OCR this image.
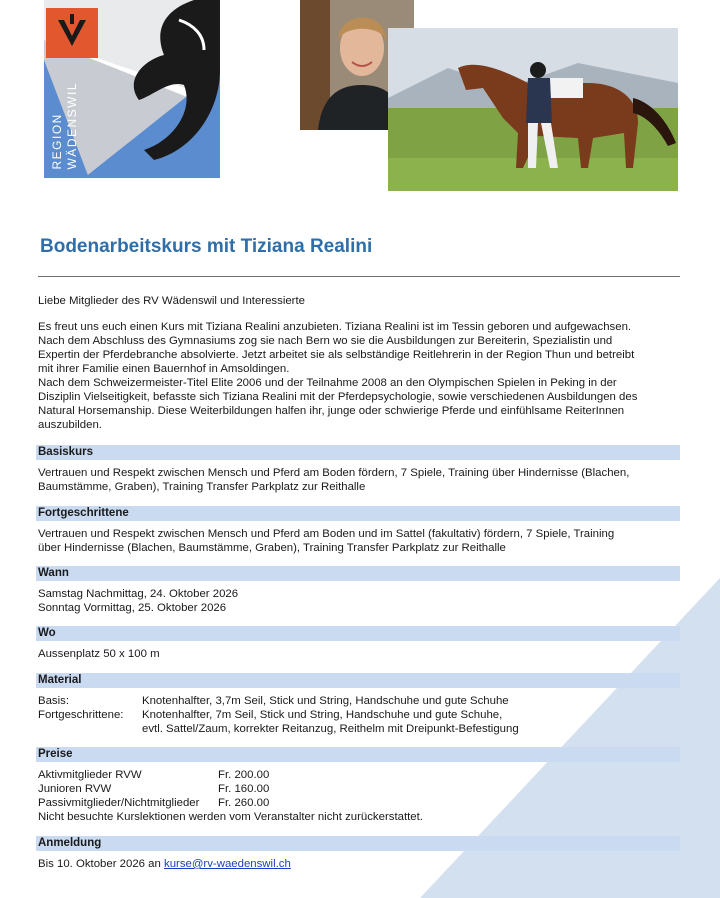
REGION WÄDENSWIL
Bodenarbeitskurs mit Tiziana Realini
Liebe Mitglieder des RV Wädenswil und Interessierte
Es freut uns euch einen Kurs mit Tiziana Realini anzubieten. Tiziana Realini ist im Tessin geboren und aufgewachsen.
Nach dem Abschluss des Gymnasiums zog sie nach Bern wo sie die Ausbildungen zur Bereiterin, Spezialistin und
Expertin der Pferdebranche absolvierte. Jetzt arbeitet sie als selbständige Reitlehrerin in der Region Thun und betreibt
mit ihrer Familie einen Bauernhof in Amsoldingen.
Nach dem Schweizermeister-Titel Elite 2006 und der Teilnahme 2008 an den Olympischen Spielen in Peking in der
Disziplin Vielseitigkeit, befasste sich Tiziana Realini mit der Pferdepsychologie, sowie verschiedenen Ausbildungen des
Natural Horsemanship. Diese Weiterbildungen halfen ihr, junge oder schwierige Pferde und einfühlsame ReiterInnen
auszubilden.
Basiskurs
Vertrauen und Respekt zwischen Mensch und Pferd am Boden fördern, 7 Spiele, Training über Hindernisse (Blachen,
Baumstämme, Graben), Training Transfer Parkplatz zur Reithalle
Fortgeschrittene
Vertrauen und Respekt zwischen Mensch und Pferd am Boden und im Sattel (fakultativ) fördern, 7 Spiele, Training
über Hindernisse (Blachen, Baumstämme, Graben), Training Transfer Parkplatz zur Reithalle
Wann
Samstag Nachmittag, 24. Oktober 2026
Sonntag Vormittag, 25. Oktober 2026
Wo
Aussenplatz 50 x 100 m
Material
Basis:	Knotenhalfter, 3,7m Seil, Stick und String, Handschuhe und gute Schuhe
Fortgeschrittene:	Knotenhalfter, 7m Seil, Stick und String, Handschuhe und gute Schuhe,
evtl. Sattel/Zaum, korrekter Reitanzug, Reithelm mit Dreipunkt-Befestigung
Preise
Aktivmitglieder RVW	Fr. 200.00
Junioren RVW	Fr. 160.00
Passivmitglieder/Nichtmitglieder	Fr. 260.00
Nicht besuchte Kurslektionen werden vom Veranstalter nicht zurückerstattet.
Anmeldung
Bis 10. Oktober 2026 an kurse@rv-waedenswil.ch
